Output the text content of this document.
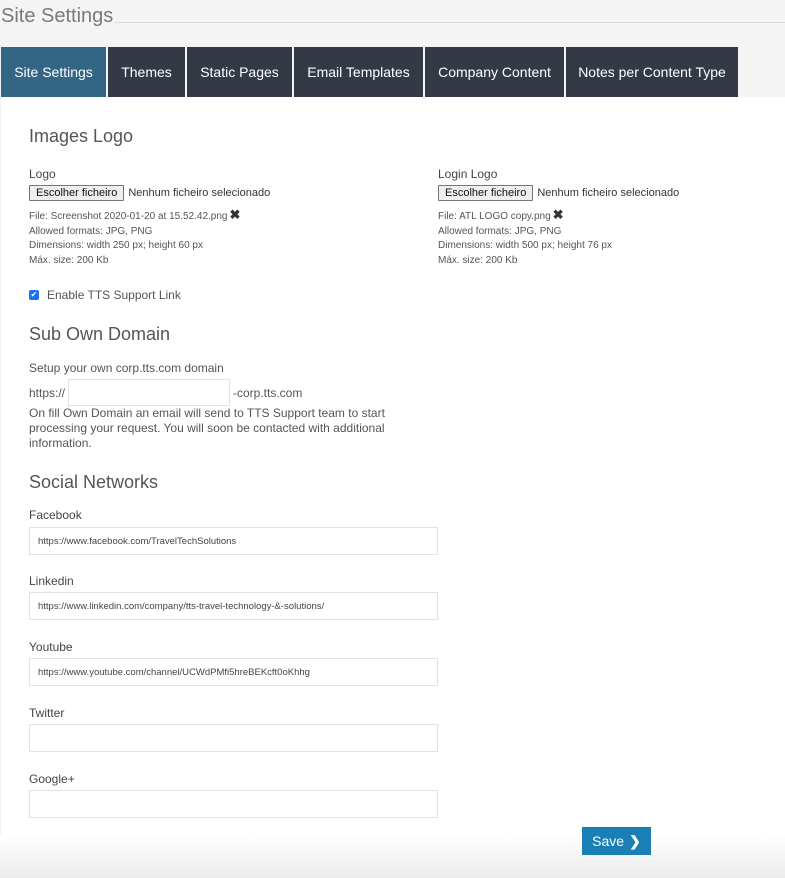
Site Settings
Site Settings	Themes	Static Pages	Email Templates	Company Content	Notes per Content Type
Images Logo
Logo
Escolher ficheiro	Nenhum ficheiro selecionado
File: Screenshot 2020-01-20 at 15.52.42.png ✖
Allowed formats: JPG, PNG
Dimensions: width 250 px; height 60 px
Máx. size: 200 Kb
Login Logo
Escolher ficheiro	Nenhum ficheiro selecionado
File: ATL LOGO copy.png ✖
Allowed formats: JPG, PNG
Dimensions: width 500 px; height 76 px
Máx. size: 200 Kb
✔ Enable TTS Support Link
Sub Own Domain
Setup your own corp.tts.com domain
https://	-corp.tts.com
On fill Own Domain an email will send to TTS Support team to start processing your request. You will soon be contacted with additional information.
Social Networks
Facebook
https://www.facebook.com/TravelTechSolutions
Linkedin
https://www.linkedin.com/company/tts-travel-technology-&-solutions/
Youtube
https://www.youtube.com/channel/UCWdPMfi5hreBEKcft0oKhhg
Twitter
Google+
Save ❯
